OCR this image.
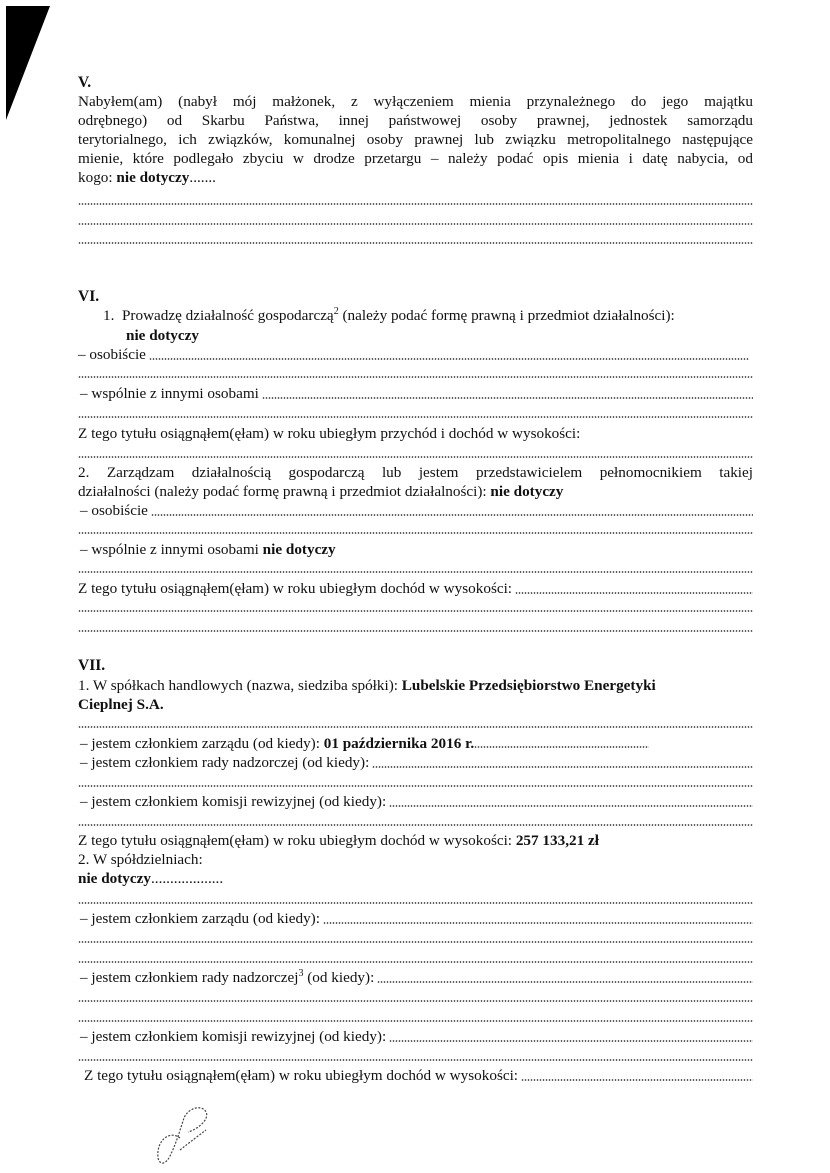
V.
Nabyłem(am) (nabył mój małżonek, z wyłączeniem mienia przynależnego do jego majątku
odrębnego) od Skarbu Państwa, innej państwowej osoby prawnej, jednostek samorządu
terytorialnego, ich związków, komunalnej osoby prawnej lub związku metropolitalnego następujące
mienie, które podlegało zbyciu w drodze przetargu – należy podać opis mienia i datę nabycia, od
kogo: nie dotyczy.......
VI.
1. Prowadzę działalność gospodarczą$^2$ (należy podać formę prawną i przedmiot działalności):
nie dotyczy
– osobiście
– wspólnie z innymi osobami
Z tego tytułu osiągnąłem(ęłam) w roku ubiegłym przychód i dochód w wysokości:
2. Zarządzam działalnością gospodarczą lub jestem przedstawicielem pełnomocnikiem takiej
działalności (należy podać formę prawną i przedmiot działalności): nie dotyczy
– osobiście
– wspólnie z innymi osobami nie dotyczy
Z tego tytułu osiągnąłem(ęłam) w roku ubiegłym dochód w wysokości:
VII.
1. W spółkach handlowych (nazwa, siedziba spółki): Lubelskie Przedsiębiorstwo Energetyki
Cieplnej S.A.
– jestem członkiem zarządu (od kiedy): 01 października 2016 r.
– jestem członkiem rady nadzorczej (od kiedy):
– jestem członkiem komisji rewizyjnej (od kiedy):
Z tego tytułu osiągnąłem(ęłam) w roku ubiegłym dochód w wysokości: 257 133,21 zł
2. W spółdzielniach:
nie dotyczy...................
– jestem członkiem zarządu (od kiedy):
– jestem członkiem rady nadzorczej$^3$ (od kiedy):
– jestem członkiem komisji rewizyjnej (od kiedy):
Z tego tytułu osiągnąłem(ęłam) w roku ubiegłym dochód w wysokości:
